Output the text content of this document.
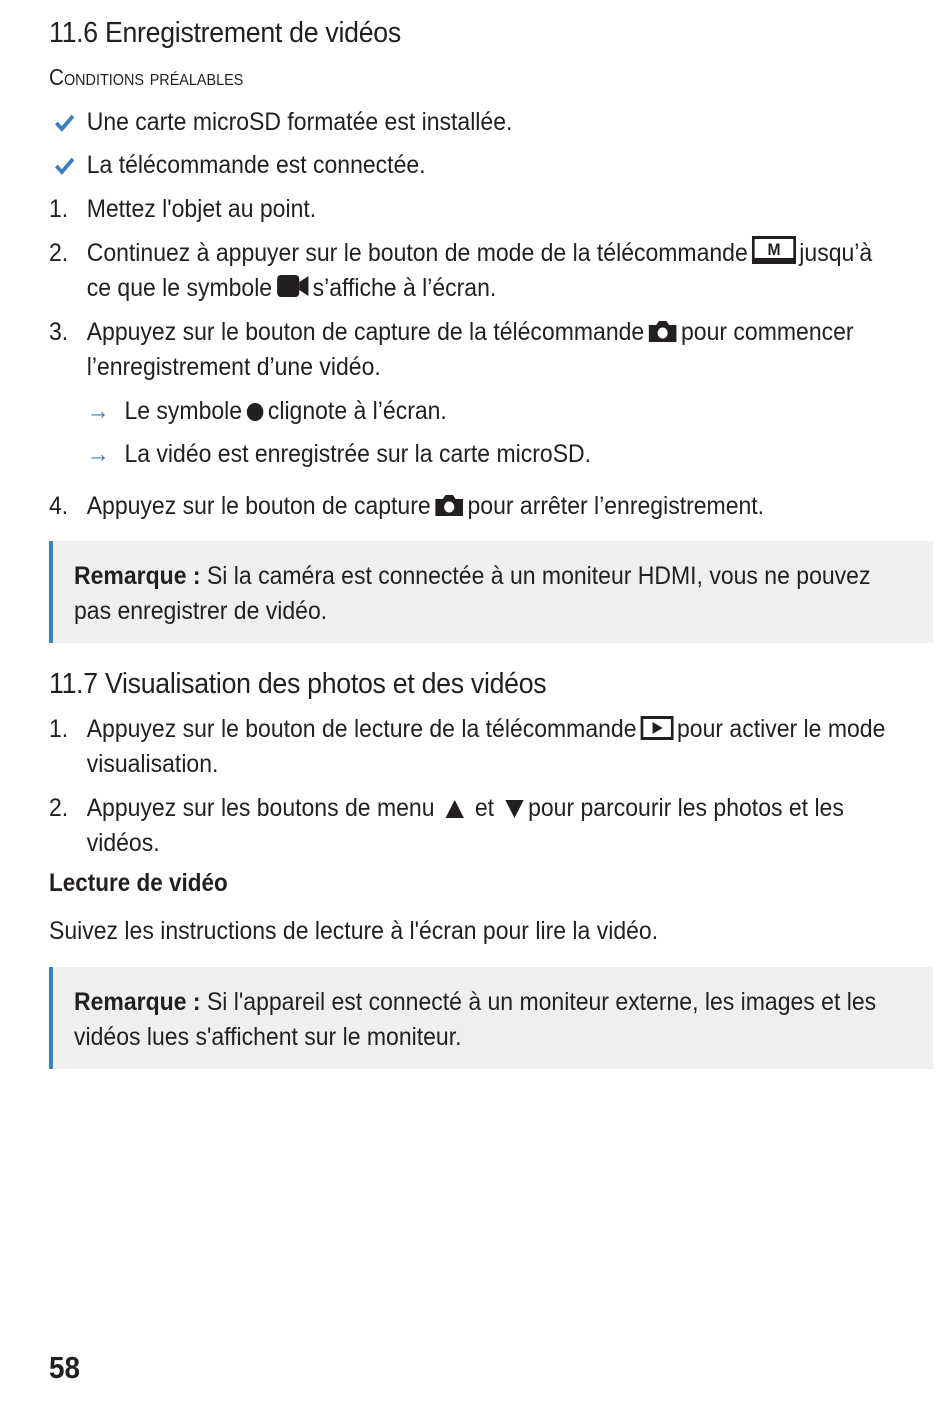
11.6 Enregistrement de vidéos
Conditions préalables
Une carte microSD formatée est installée.
La télécommande est connectée.
1. Mettez l'objet au point.
2. Continuez à appuyer sur le bouton de mode de la télécommande M jusqu’à
ce que le symbole s’affiche à l’écran.
3. Appuyez sur le bouton de capture de la télécommande pour commencer
l’enregistrement d’une vidéo.
→ Le symbole clignote à l’écran.
→ La vidéo est enregistrée sur la carte microSD.
4. Appuyez sur le bouton de capture pour arrêter l’enregistrement.
Remarque : Si la caméra est connectée à un moniteur HDMI, vous ne pouvez
pas enregistrer de vidéo.
11.7 Visualisation des photos et des vidéos
1. Appuyez sur le bouton de lecture de la télécommande pour activer le mode
visualisation.
2. Appuyez sur les boutons de menu et pour parcourir les photos et les
vidéos.
Lecture de vidéo
Suivez les instructions de lecture à l'écran pour lire la vidéo.
Remarque : Si l'appareil est connecté à un moniteur externe, les images et les
vidéos lues s'affichent sur le moniteur.
58
